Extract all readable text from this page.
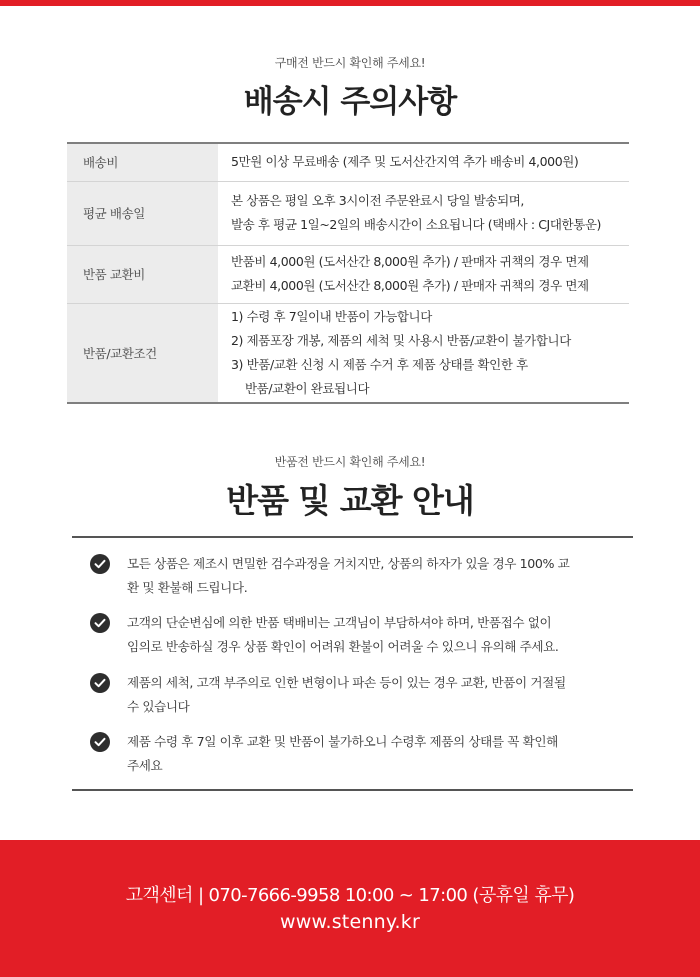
구매전 반드시 확인해 주세요!
배송시 주의사항
배송비	5만원 이상 무료배송 (제주 및 도서산간지역 추가 배송비 4,000원)

평균 배송일	본 상품은 평일 오후 3시이전 주문완료시 당일 발송되며,
발송 후 평균 1일~2일의 배송시간이 소요됩니다 (택배사 : CJ대한통운)

반품 교환비	반품비 4,000원 (도서산간 8,000원 추가) / 판매자 귀책의 경우 면제
교환비 4,000원 (도서산간 8,000원 추가) / 판매자 귀책의 경우 면제

반품/교환조건	1) 수령 후 7일이내 반품이 가능합니다
2) 제품포장 개봉, 제품의 세척 및 사용시 반품/교환이 불가합니다
3) 반품/교환 신청 시 제품 수거 후 제품 상태를 확인한 후
반품/교환이 완료됩니다
반품전 반드시 확인해 주세요!
반품 및 교환 안내
모든 상품은 제조시 면밀한 검수과정을 거치지만, 상품의 하자가 있을 경우 100% 교
환 및 환불해 드립니다.
고객의 단순변심에 의한 반품 택배비는 고객님이 부담하셔야 하며, 반품접수 없이
임의로 반송하실 경우 상품 확인이 어려워 환불이 어려울 수 있으니 유의해 주세요.
제품의 세척, 고객 부주의로 인한 변형이나 파손 등이 있는 경우 교환, 반품이 거절될
수 있습니다
제품 수령 후 7일 이후 교환 및 반품이 불가하오니 수령후 제품의 상태를 꼭 확인해
주세요
고객센터 | 070-7666-9958 10:00 ~ 17:00 (공휴일 휴무)
www.stenny.kr
